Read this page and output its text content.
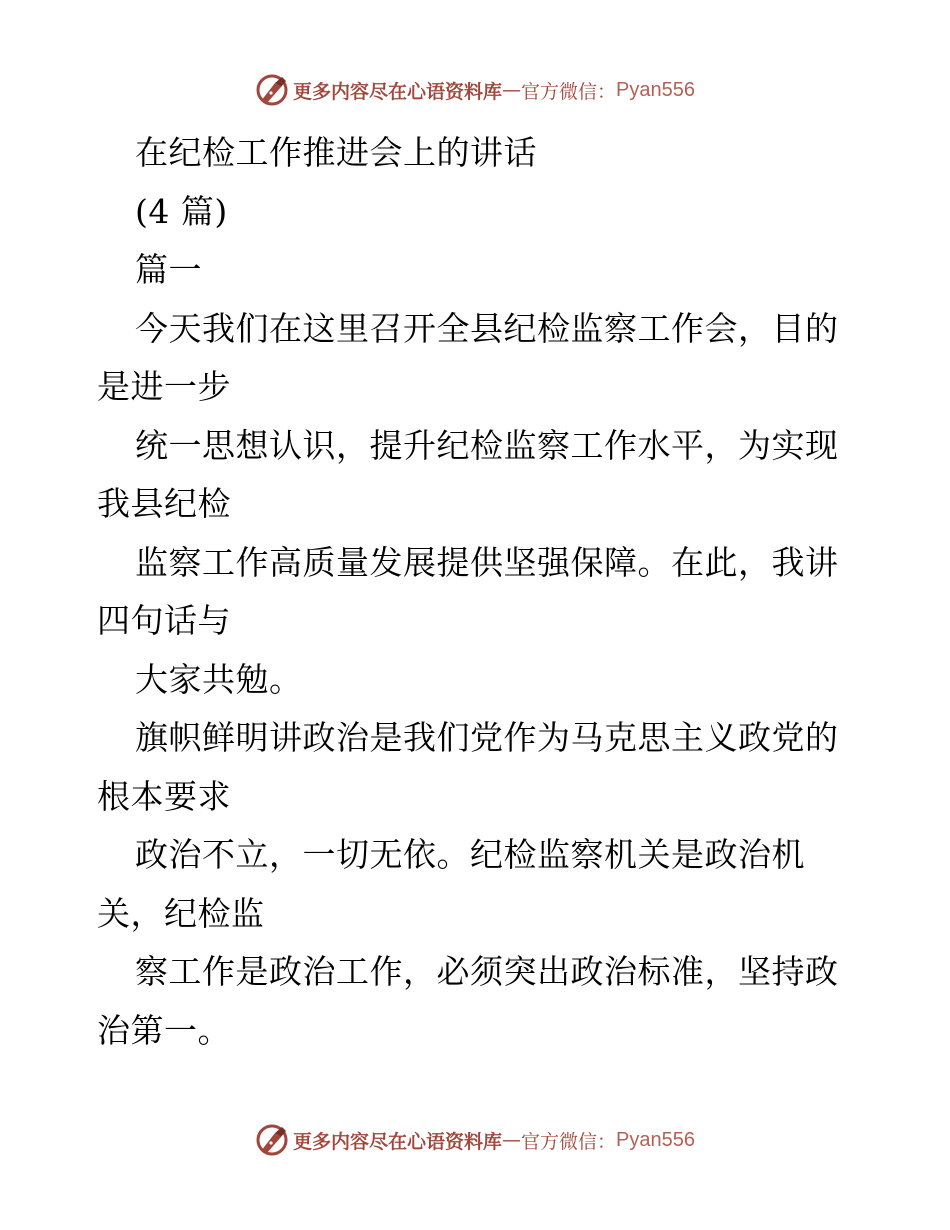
更多内容尽在心语资料库 — 官方微信： Pyan556
在纪检工作推进会上的讲话
(4 篇)
篇一
今天我们在这里召开全县纪检监察工作会，目的
是进一步
统一思想认识，提升纪检监察工作水平，为实现
我县纪检
监察工作高质量发展提供坚强保障。在此，我讲
四句话与
大家共勉。
旗帜鲜明讲政治是我们党作为马克思主义政党的
根本要求
政治不立，一切无依。纪检监察机关是政治机
关，纪检监
察工作是政治工作，必须突出政治标准，坚持政
治第一。
更多内容尽在心语资料库 — 官方微信： Pyan556
